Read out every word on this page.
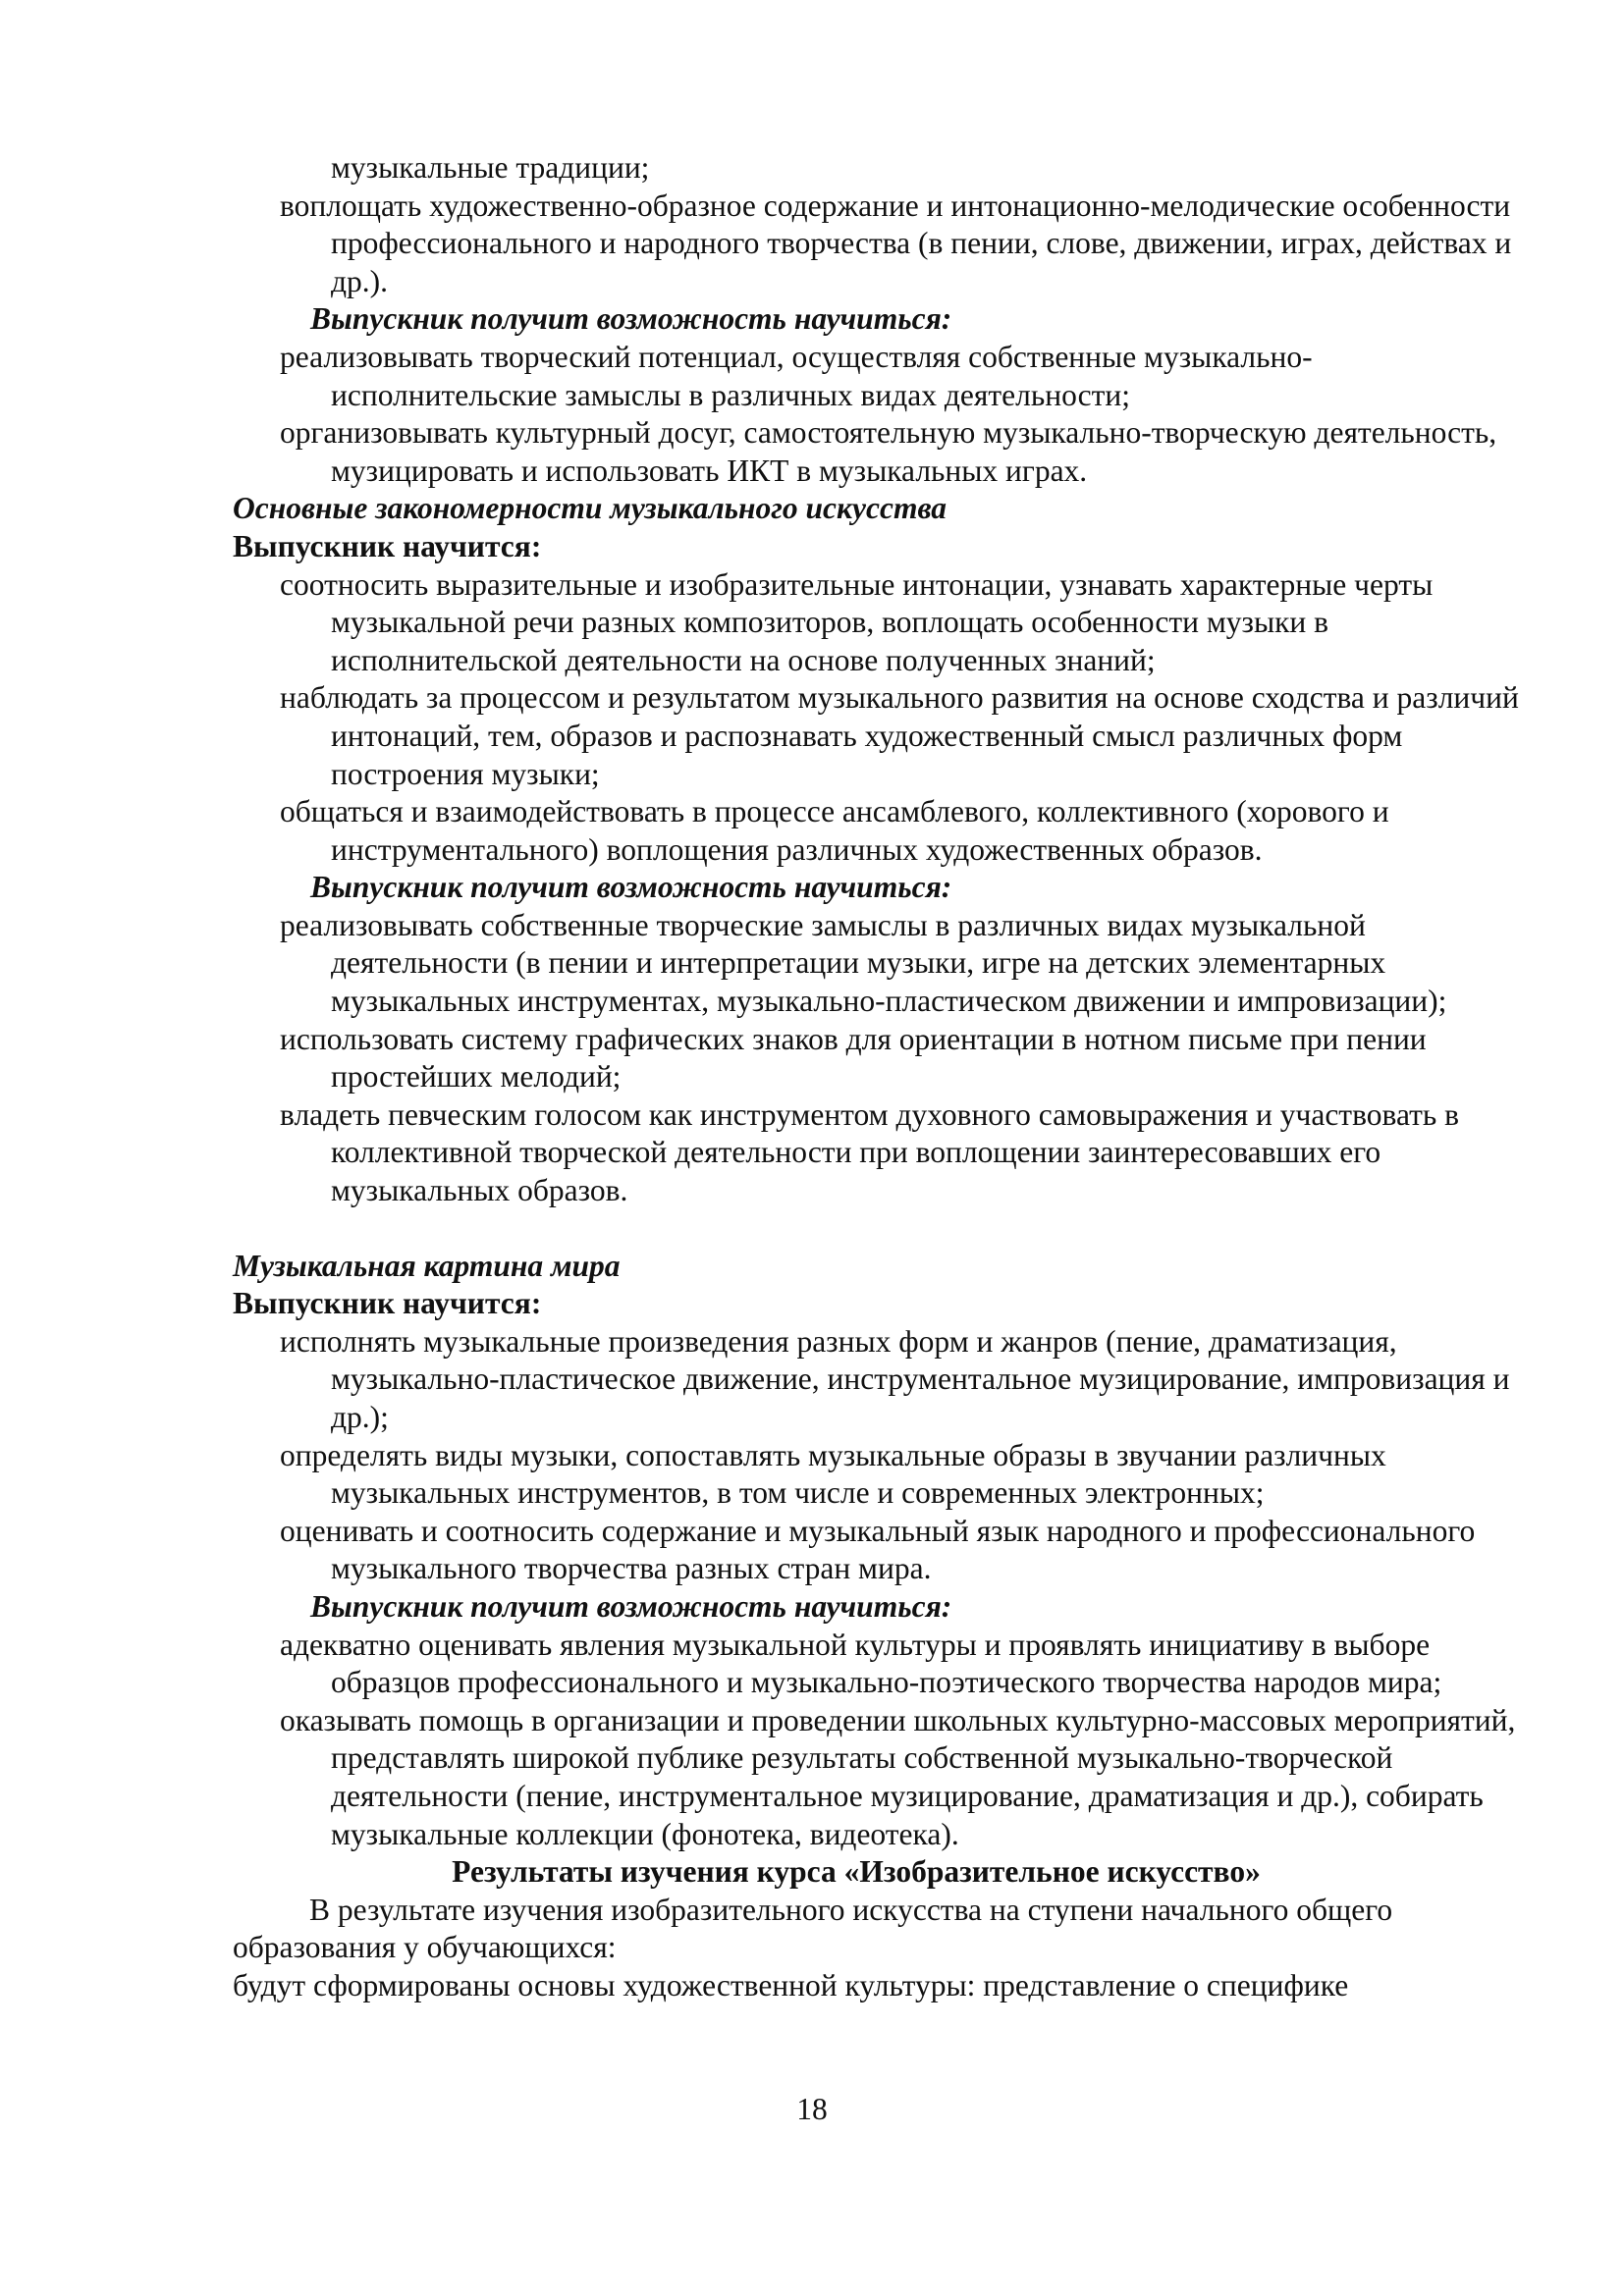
музыкальные традиции;

воплощать художественно-образное содержание и интонационно-мелодические особенности профессионального и народного творчества (в пении, слове, движении, играх, действах и др.).

Выпускник получит возможность научиться:

реализовывать творческий потенциал, осуществляя собственные музыкально-исполнительские замыслы в различных видах деятельности;

организовывать культурный досуг, самостоятельную музыкально-творческую деятельность, музицировать и использовать ИКТ в музыкальных играх.

Основные закономерности музыкального искусства

Выпускник научится:

соотносить выразительные и изобразительные интонации, узнавать характерные черты музыкальной речи разных композиторов, воплощать особенности музыки в исполнительской деятельности на основе полученных знаний;

наблюдать за процессом и результатом музыкального развития на основе сходства и различий интонаций, тем, образов и распознавать художественный смысл различных форм построения музыки;

общаться и взаимодействовать в процессе ансамблевого, коллективного (хорового и инструментального) воплощения различных художественных образов.

Выпускник получит возможность научиться:

реализовывать собственные творческие замыслы в различных видах музыкальной деятельности (в пении и интерпретации музыки, игре на детских элементарных музыкальных инструментах, музыкально-пластическом движении и импровизации);

использовать систему графических знаков для ориентации в нотном письме при пении простейших мелодий;

владеть певческим голосом как инструментом духовного самовыражения и участвовать в коллективной творческой деятельности при воплощении заинтересовавших его музыкальных образов.

Музыкальная картина мира

Выпускник научится:

исполнять музыкальные произведения разных форм и жанров (пение, драматизация, музыкально-пластическое движение, инструментальное музицирование, импровизация и др.);

определять виды музыки, сопоставлять музыкальные образы в звучании различных музыкальных инструментов, в том числе и современных электронных;

оценивать и соотносить содержание и музыкальный язык народного и профессионального музыкального творчества разных стран мира.

Выпускник получит возможность научиться:

адекватно оценивать явления музыкальной культуры и проявлять инициативу в выборе образцов профессионального и музыкально-поэтического творчества народов мира;

оказывать помощь в организации и проведении школьных культурно-массовых мероприятий, представлять широкой публике результаты собственной музыкально-творческой деятельности (пение, инструментальное музицирование, драматизация и др.), собирать музыкальные коллекции (фонотека, видеотека).

Результаты изучения курса «Изобразительное искусство»

В результате изучения изобразительного искусства на ступени начального общего образования у обучающихся:

будут сформированы основы художественной культуры: представление о специфике

18
